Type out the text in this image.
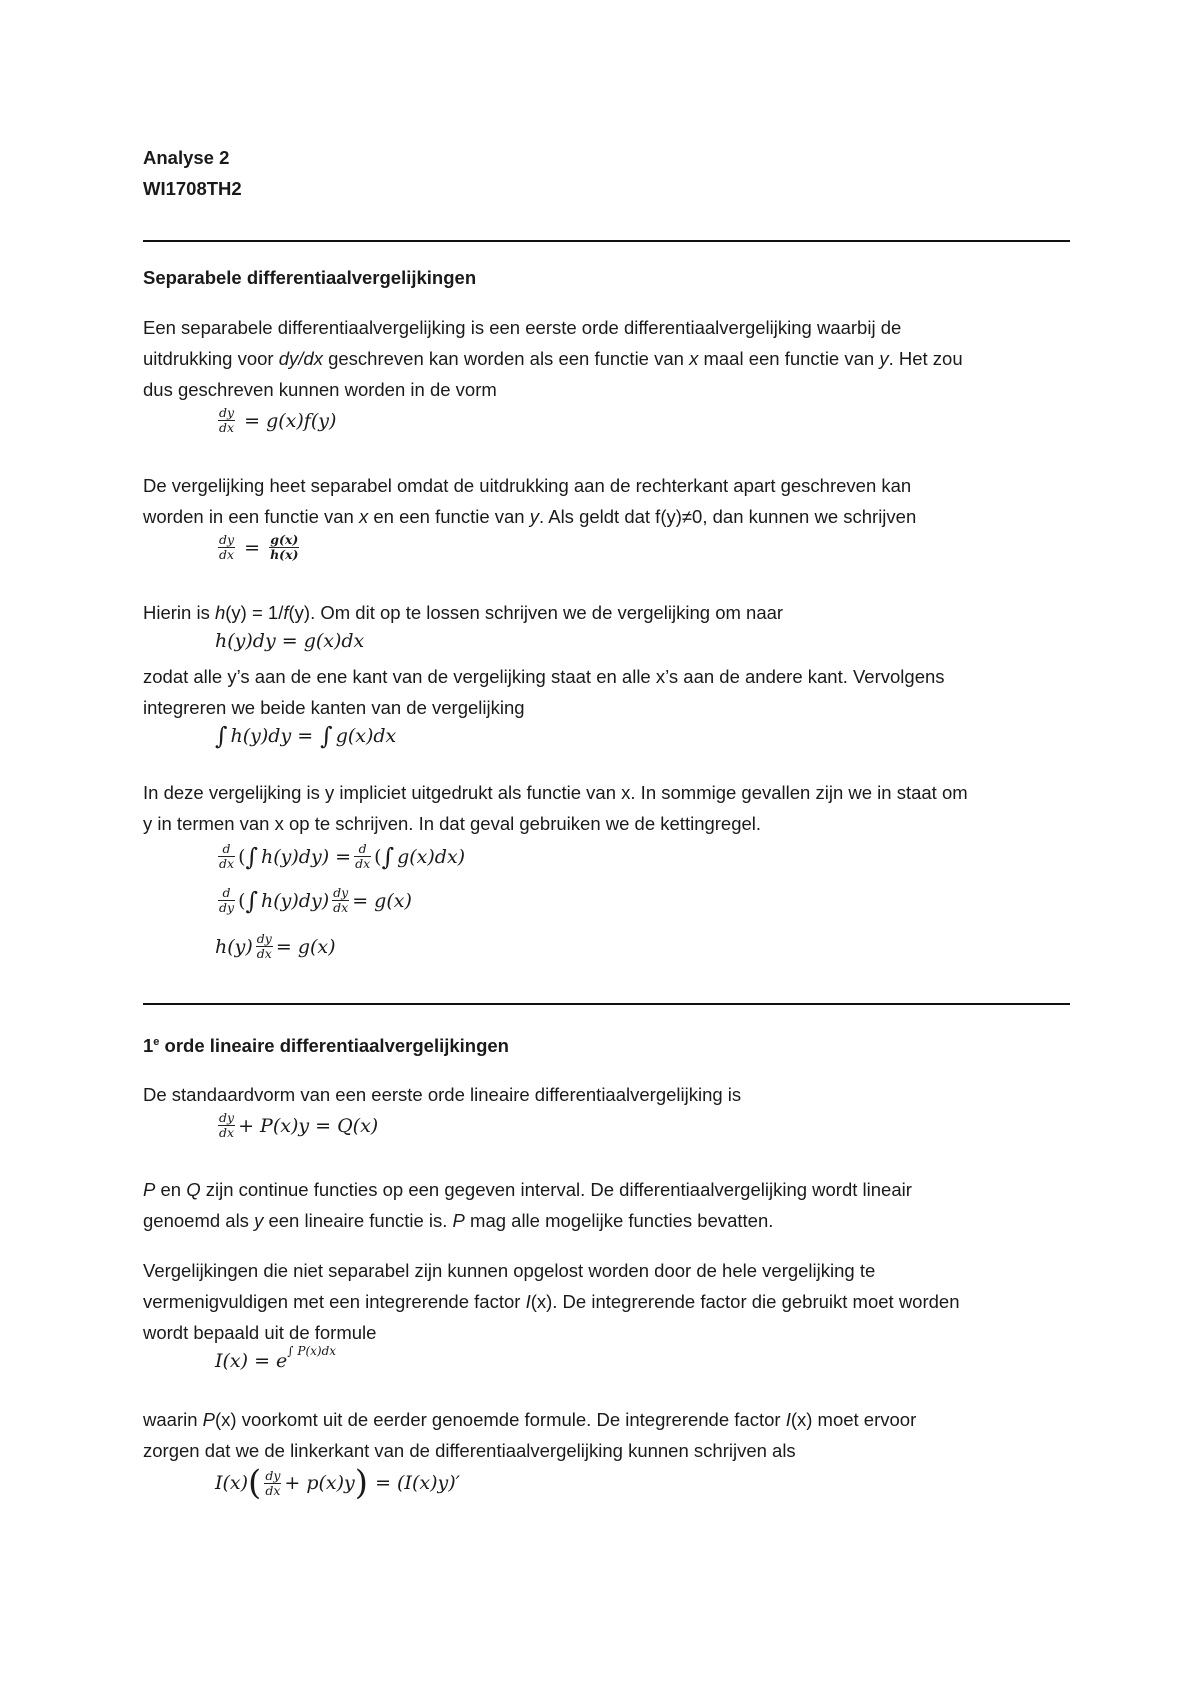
Analyse 2

WI1708TH2

Separabele differentiaalvergelijkingen

Een separabele differentiaalvergelijking is een eerste orde differentiaalvergelijking waarbij de

uitdrukking voor dy/dx geschreven kan worden als een functie van x maal een functie van y. Het zou

dus geschreven kunnen worden in de vorm

$\frac{dy}{dx} = g(x)f(y)$

De vergelijking heet separabel omdat de uitdrukking aan de rechterkant apart geschreven kan

worden in een functie van x en een functie van y. Als geldt dat f(y)≠0, dan kunnen we schrijven

$\frac{dy}{dx} = \frac{g(x)}{h(x)}$

Hierin is h(y) = 1/f(y). Om dit op te lossen schrijven we de vergelijking om naar

h(y)dy = g(x)dx

zodat alle y’s aan de ene kant van de vergelijking staat en alle x’s aan de andere kant. Vervolgens

integreren we beide kanten van de vergelijking

∫ h(y)dy = ∫ g(x)dx

In deze vergelijking is y impliciet uitgedrukt als functie van x. In sommige gevallen zijn we in staat om

y in termen van x op te schrijven. In dat geval gebruiken we de kettingregel.

$\frac{d}{dx}$ ( ∫ $h(y)dy) = \frac{d}{dx}$ ( ∫ g(x)dx)
$\frac{d}{dy}$ ( ∫ $h(y)dy) \frac{dy}{dx} = g(x)$
$h(y) \frac{dy}{dx} = g(x)$

1e orde lineaire differentiaalvergelijkingen

De standaardvorm van een eerste orde lineaire differentiaalvergelijking is

$\frac{dy}{dx} + P(x)y = Q(x)$

P en Q zijn continue functies op een gegeven interval. De differentiaalvergelijking wordt lineair

genoemd als y een lineaire functie is. P mag alle mogelijke functies bevatten.

Vergelijkingen die niet separabel zijn kunnen opgelost worden door de hele vergelijking te

vermenigvuldigen met een integrerende factor I(x). De integrerende factor die gebruikt moet worden

wordt bepaald uit de formule

I(x) = e ∫ P(x)dx

waarin P(x) voorkomt uit de eerder genoemde formule. De integrerende factor I(x) moet ervoor

zorgen dat we de linkerkant van de differentiaalvergelijking kunnen schrijven als

I(x) ( $\frac{dy}{dx} + p(x)y$ ) = (I(x)y)′
